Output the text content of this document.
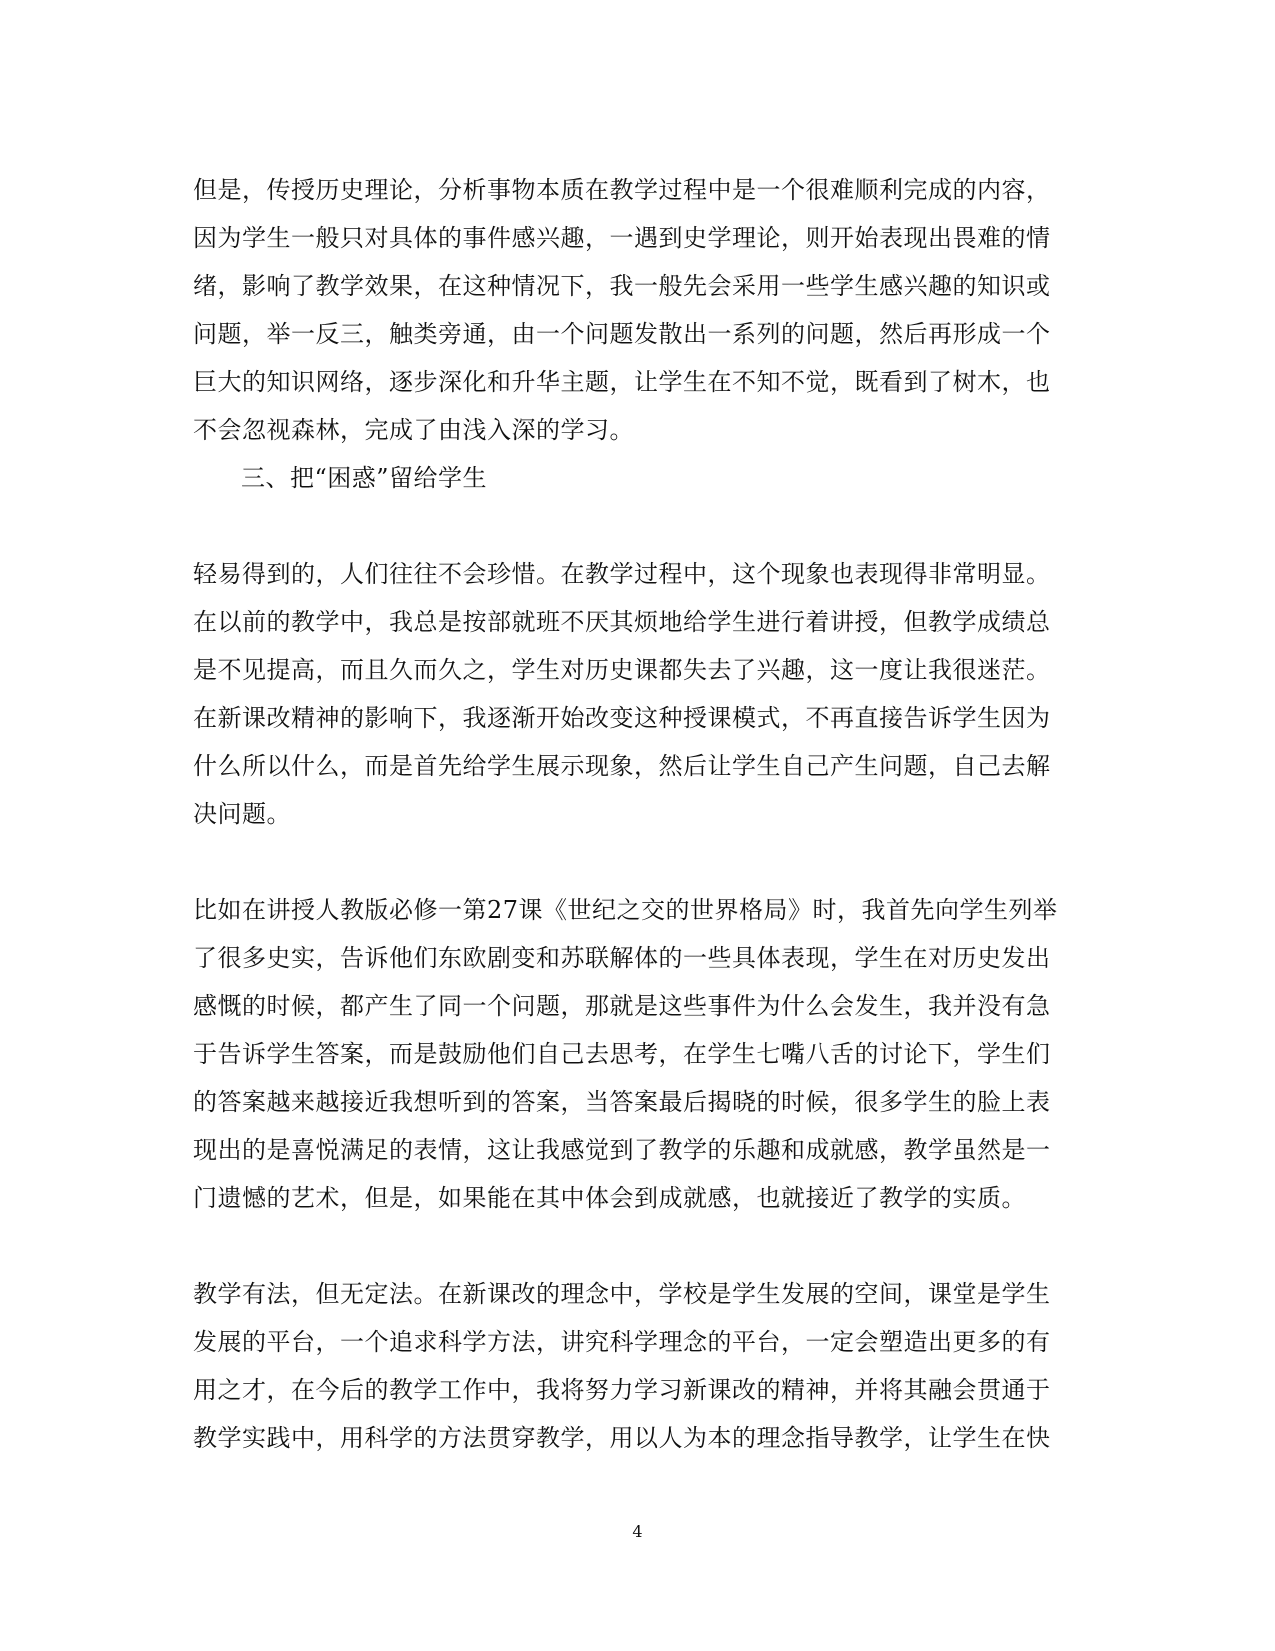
但是，传授历史理论，分析事物本质在教学过程中是一个很难顺利完成的内容，
因为学生一般只对具体的事件感兴趣，一遇到史学理论，则开始表现出畏难的情
绪，影响了教学效果，在这种情况下，我一般先会采用一些学生感兴趣的知识或
问题，举一反三，触类旁通，由一个问题发散出一系列的问题，然后再形成一个
巨大的知识网络，逐步深化和升华主题，让学生在不知不觉，既看到了树木，也
不会忽视森林，完成了由浅入深的学习。
三、把“困惑”留给学生
轻易得到的，人们往往不会珍惜。在教学过程中，这个现象也表现得非常明显。
在以前的教学中，我总是按部就班不厌其烦地给学生进行着讲授，但教学成绩总
是不见提高，而且久而久之，学生对历史课都失去了兴趣，这一度让我很迷茫。
在新课改精神的影响下，我逐渐开始改变这种授课模式，不再直接告诉学生因为
什么所以什么，而是首先给学生展示现象，然后让学生自己产生问题，自己去解
决问题。
比如在讲授人教版必修一第27课《世纪之交的世界格局》时，我首先向学生列举
了很多史实，告诉他们东欧剧变和苏联解体的一些具体表现，学生在对历史发出
感慨的时候，都产生了同一个问题，那就是这些事件为什么会发生，我并没有急
于告诉学生答案，而是鼓励他们自己去思考，在学生七嘴八舌的讨论下，学生们
的答案越来越接近我想听到的答案，当答案最后揭晓的时候，很多学生的脸上表
现出的是喜悦满足的表情，这让我感觉到了教学的乐趣和成就感，教学虽然是一
门遗憾的艺术，但是，如果能在其中体会到成就感，也就接近了教学的实质。
教学有法，但无定法。在新课改的理念中，学校是学生发展的空间，课堂是学生
发展的平台，一个追求科学方法，讲究科学理念的平台，一定会塑造出更多的有
用之才，在今后的教学工作中，我将努力学习新课改的精神，并将其融会贯通于
教学实践中，用科学的方法贯穿教学，用以人为本的理念指导教学，让学生在快
4
